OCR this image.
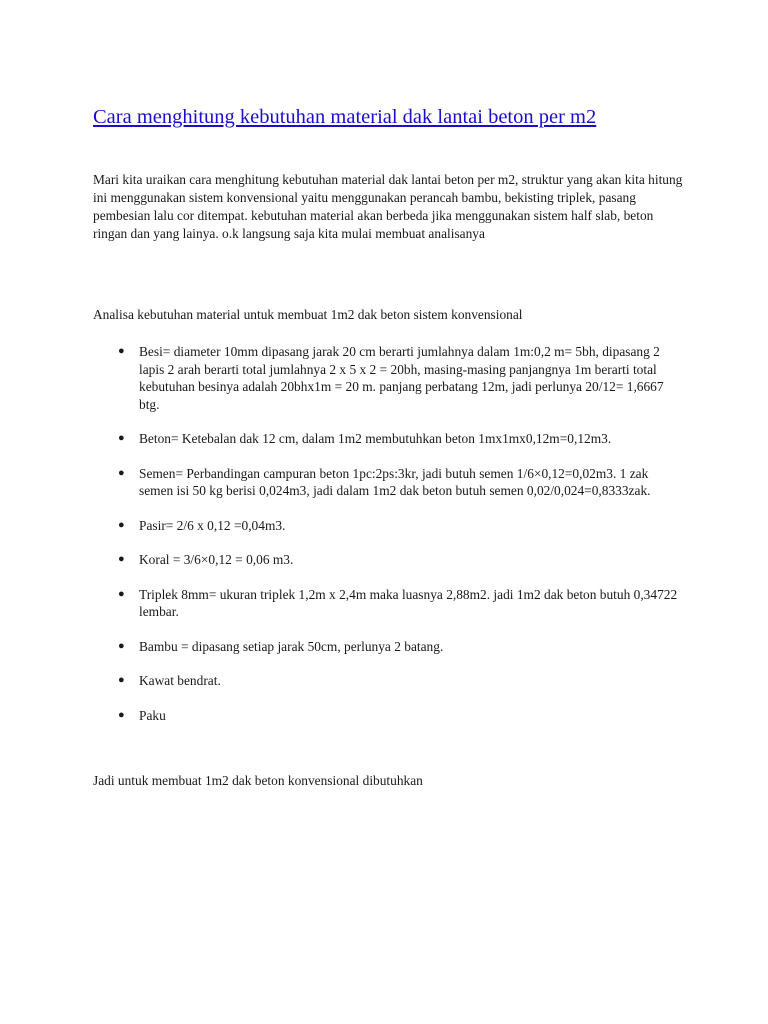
Cara menghitung kebutuhan material dak lantai beton per m2

Mari kita uraikan cara menghitung kebutuhan material dak lantai beton per m2, struktur yang akan kita hitung ini menggunakan sistem konvensional yaitu menggunakan perancah bambu, bekisting triplek, pasang pembesian lalu cor ditempat. kebutuhan material akan berbeda jika menggunakan sistem half slab, beton ringan dan yang lainya. o.k langsung saja kita mulai membuat analisanya

Analisa kebutuhan material untuk membuat 1m2 dak beton sistem konvensional

● Besi= diameter 10mm dipasang jarak 20 cm berarti jumlahnya dalam 1m:0,2 m= 5bh, dipasang 2 lapis 2 arah berarti total jumlahnya 2 x 5 x 2 = 20bh, masing-masing panjangnya 1m berarti total kebutuhan besinya adalah 20bhx1m = 20 m. panjang perbatang 12m, jadi perlunya 20/12= 1,6667 btg.
● Beton= Ketebalan dak 12 cm, dalam 1m2 membutuhkan beton 1mx1mx0,12m=0,12m3.
● Semen= Perbandingan campuran beton 1pc:2ps:3kr, jadi butuh semen 1/6×0,12=0,02m3. 1 zak semen isi 50 kg berisi 0,024m3, jadi dalam 1m2 dak beton butuh semen 0,02/0,024=0,8333zak.
● Pasir= 2/6 x 0,12 =0,04m3.
● Koral = 3/6×0,12 = 0,06 m3.
● Triplek 8mm= ukuran triplek 1,2m x 2,4m maka luasnya 2,88m2. jadi 1m2 dak beton butuh 0,34722 lembar.
● Bambu = dipasang setiap jarak 50cm, perlunya 2 batang.
● Kawat bendrat.
● Paku

Jadi untuk membuat 1m2 dak beton konvensional dibutuhkan
